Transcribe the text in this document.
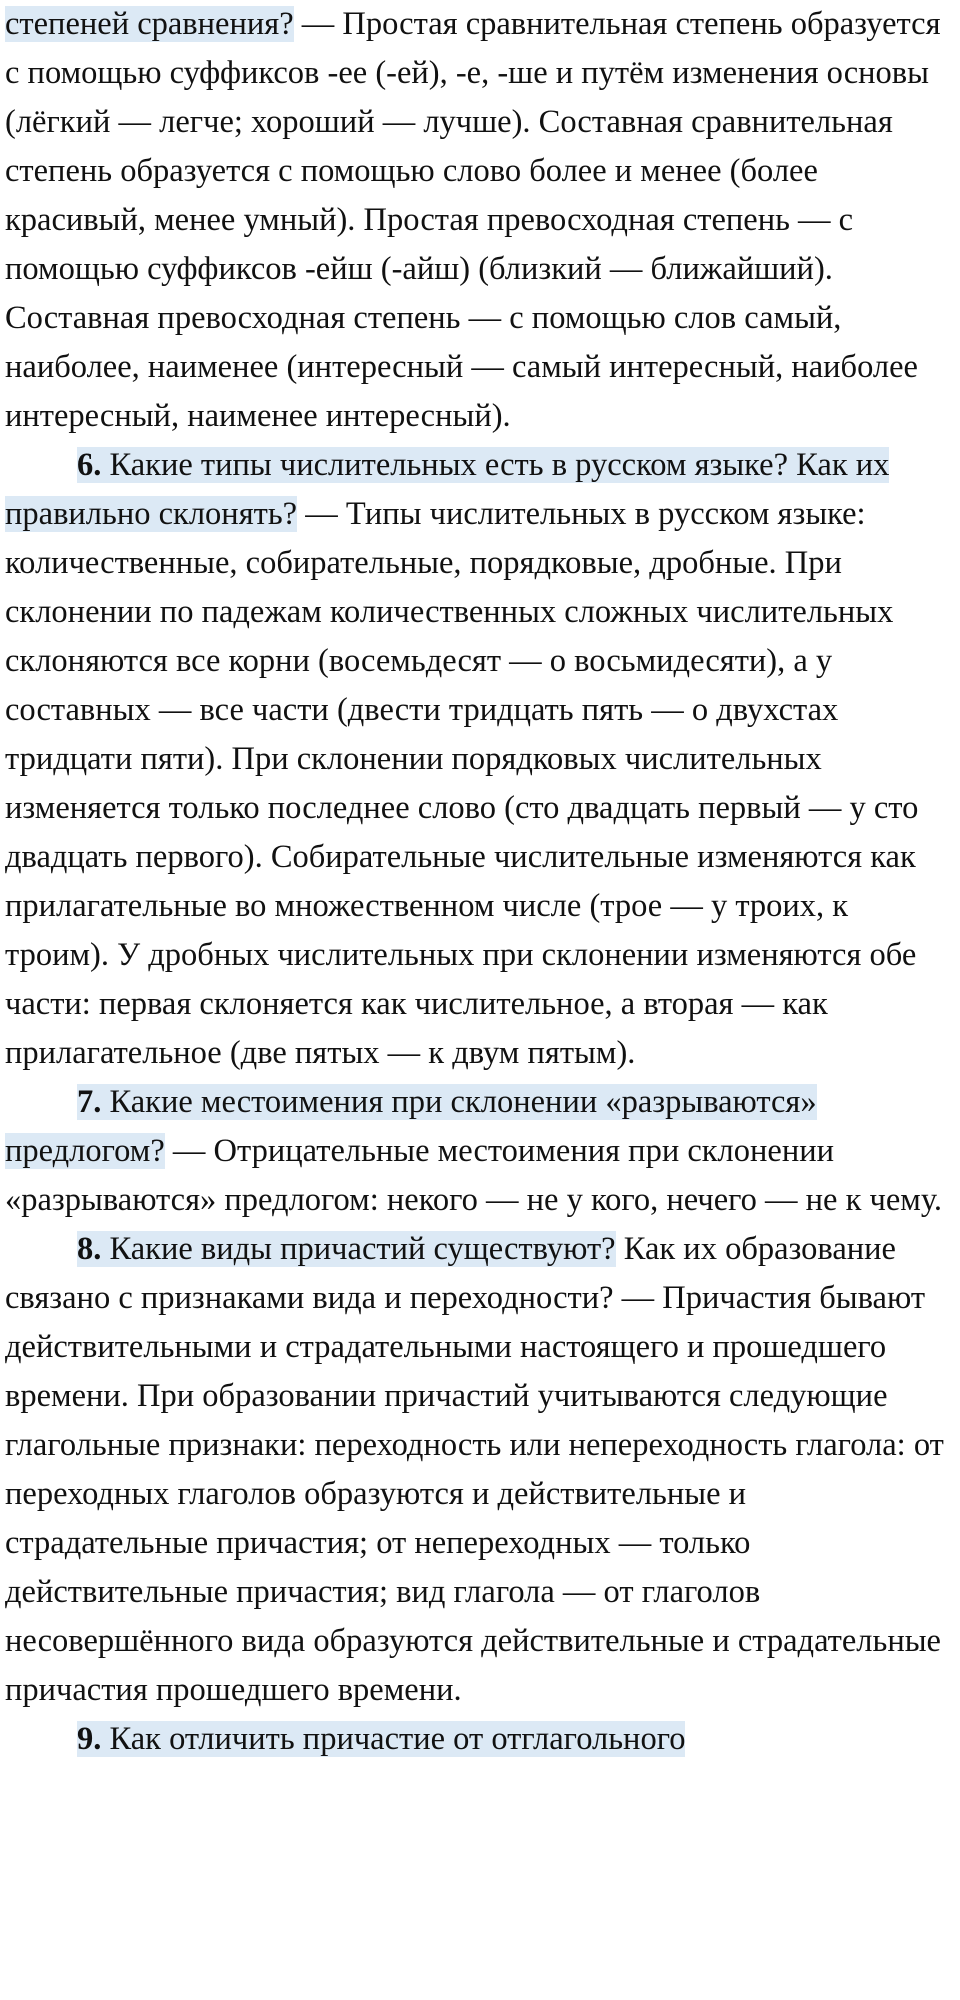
степеней сравнения? — Простая сравнительная степень образуется с помощью суффиксов -ее (-ей), -е, -ше и путём изменения основы (лёгкий — легче; хороший — лучше). Составная сравнительная степень образуется с помощью слово более и менее (более красивый, менее умный). Простая превосходная степень — с помощью суффиксов -ейш (-айш) (близкий — ближайший). Составная превосходная степень — с помощью слов самый, наиболее, наименее (интересный — самый интересный, наиболее интересный, наименее интересный).

6. Какие типы числительных есть в русском языке? Как их правильно склонять? — Типы числительных в русском языке: количественные, собирательные, порядковые, дробные. При склонении по падежам количественных сложных числительных склоняются все корни (восемьдесят — о восьмидесяти), а у составных — все части (двести тридцать пять — о двухстах тридцати пяти). При склонении порядковых числительных изменяется только последнее слово (сто двадцать первый — у сто двадцать первого). Собирательные числительные изменяются как прилагательные во множественном числе (трое — у троих, к троим). У дробных числительных при склонении изменяются обе части: первая склоняется как числительное, а вторая — как прилагательное (две пятых — к двум пятым).

7. Какие местоимения при склонении «разрываются» предлогом? — Отрицательные местоимения при склонении «разрываются» предлогом: некого — не у кого, нечего — не к чему.

8. Какие виды причастий существуют? Как их образование связано с признаками вида и переходности? — Причастия бывают действительными и страдательными настоящего и прошедшего времени. При образовании причастий учитываются следующие глагольные признаки: переходность или непереходность глагола: от переходных глаголов образуются и действительные и страдательные причастия; от непереходных — только действительные причастия; вид глагола — от глаголов несовершённого вида образуются действительные и страдательные причастия прошедшего времени.

9. Как отличить причастие от отглагольного
